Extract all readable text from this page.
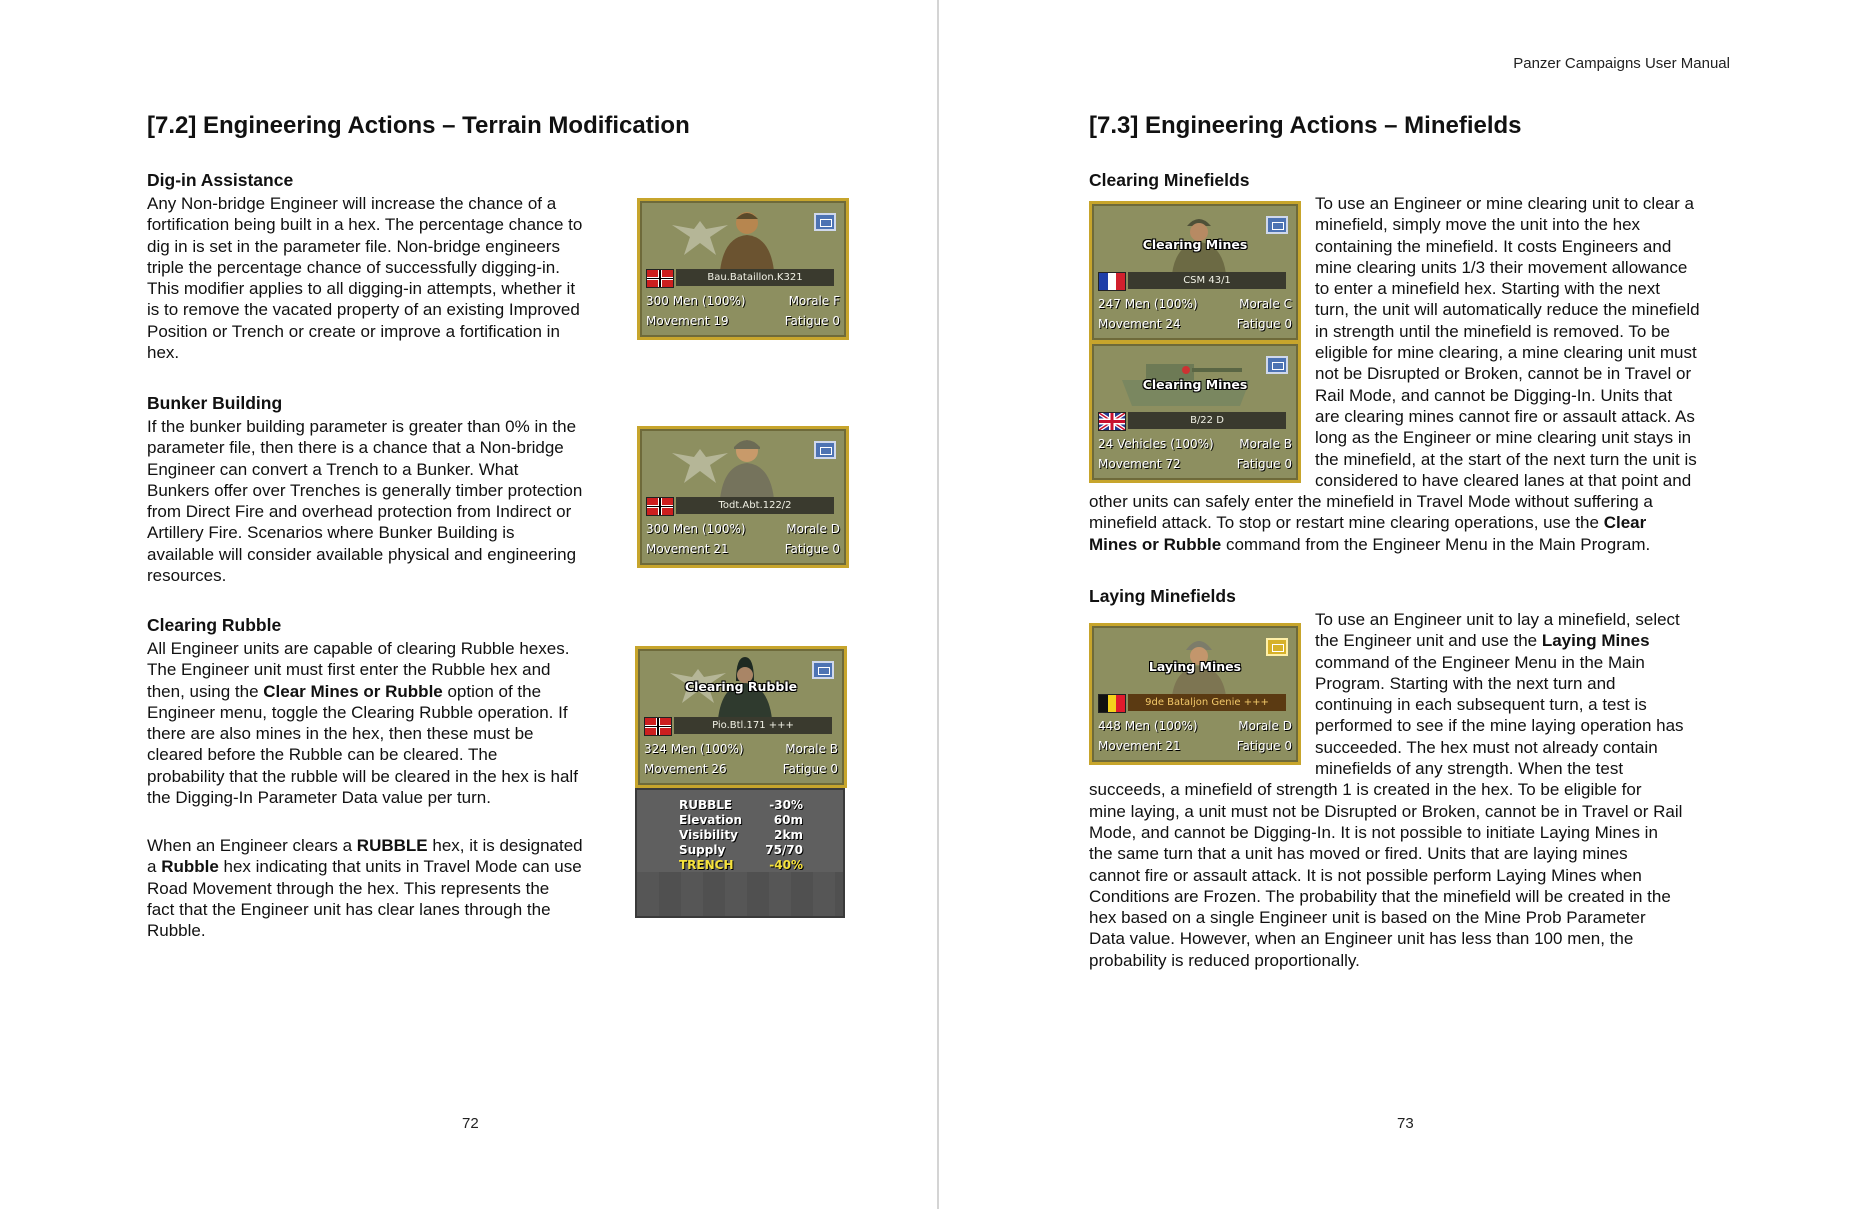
[7.2] Engineering Actions – Terrain Modification
Dig-in Assistance
Any Non-bridge Engineer will increase the chance of a
fortification being built in a hex. The percentage chance to
dig in is set in the parameter file. Non-bridge engineers
triple the percentage chance of successfully digging-in.
This modifier applies to all digging-in attempts, whether it
is to remove the vacated property of an existing Improved
Position or Trench or create or improve a fortification in
hex.
Bunker Building
If the bunker building parameter is greater than 0% in the
parameter file, then there is a chance that a Non-bridge
Engineer can convert a Trench to a Bunker. What
Bunkers offer over Trenches is generally timber protection
from Direct Fire and overhead protection from Indirect or
Artillery Fire. Scenarios where Bunker Building is
available will consider available physical and engineering
resources.
Clearing Rubble
All Engineer units are capable of clearing Rubble hexes.
The Engineer unit must first enter the Rubble hex and
then, using the Clear Mines or Rubble option of the
Engineer menu, toggle the Clearing Rubble operation. If
there are also mines in the hex, then these must be
cleared before the Rubble can be cleared. The
probability that the rubble will be cleared in the hex is half
the Digging-In Parameter Data value per turn.
When an Engineer clears a RUBBLE hex, it is designated
a Rubble hex indicating that units in Travel Mode can use
Road Movement through the hex. This represents the
fact that the Engineer unit has clear lanes through the
Rubble.
Bau.Bataillon.K321
300 Men (100%)	Morale F
Movement 19	Fatigue 0
Todt.Abt.122/2
300 Men (100%)	Morale D
Movement 21	Fatigue 0
Clearing Rubble
Pio.Btl.171 +++
324 Men (100%)	Morale B
Movement 26	Fatigue 0
RUBBLE	-30%
Elevation	60m
Visibility	2km
Supply	75/70
TRENCH	-40%
72
Panzer Campaigns User Manual
[7.3] Engineering Actions – Minefields
Clearing Minefields
Clearing Mines
CSM 43/1
247 Men (100%)	Morale C
Movement 24	Fatigue 0
Clearing Mines
B/22 D
24 Vehicles (100%) Morale B
Movement 72	Fatigue 0
To use an Engineer or mine clearing unit to clear a
minefield, simply move the unit into the hex
containing the minefield. It costs Engineers and
mine clearing units 1/3 their movement allowance
to enter a minefield hex. Starting with the next
turn, the unit will automatically reduce the minefield
in strength until the minefield is removed. To be
eligible for mine clearing, a mine clearing unit must
not be Disrupted or Broken, cannot be in Travel or
Rail Mode, and cannot be Digging-In. Units that
are clearing mines cannot fire or assault attack. As
long as the Engineer or mine clearing unit stays in
the minefield, at the start of the next turn the unit is
considered to have cleared lanes at that point and
other units can safely enter the minefield in Travel Mode without suffering a
minefield attack. To stop or restart mine clearing operations, use the Clear
Mines or Rubble command from the Engineer Menu in the Main Program.
Laying Minefields
Laying Mines
9de Bataljon Genie +++
448 Men (100%)	Morale D
Movement 21	Fatigue 0
To use an Engineer unit to lay a minefield, select
the Engineer unit and use the Laying Mines
command of the Engineer Menu in the Main
Program. Starting with the next turn and
continuing in each subsequent turn, a test is
performed to see if the mine laying operation has
succeeded. The hex must not already contain
minefields of any strength. When the test
succeeds, a minefield of strength 1 is created in the hex. To be eligible for
mine laying, a unit must not be Disrupted or Broken, cannot be in Travel or Rail
Mode, and cannot be Digging-In. It is not possible to initiate Laying Mines in
the same turn that a unit has moved or fired. Units that are laying mines
cannot fire or assault attack. It is not possible perform Laying Mines when
Conditions are Frozen. The probability that the minefield will be created in the
hex based on a single Engineer unit is based on the Mine Prob Parameter
Data value. However, when an Engineer unit has less than 100 men, the
probability is reduced proportionally.
73
